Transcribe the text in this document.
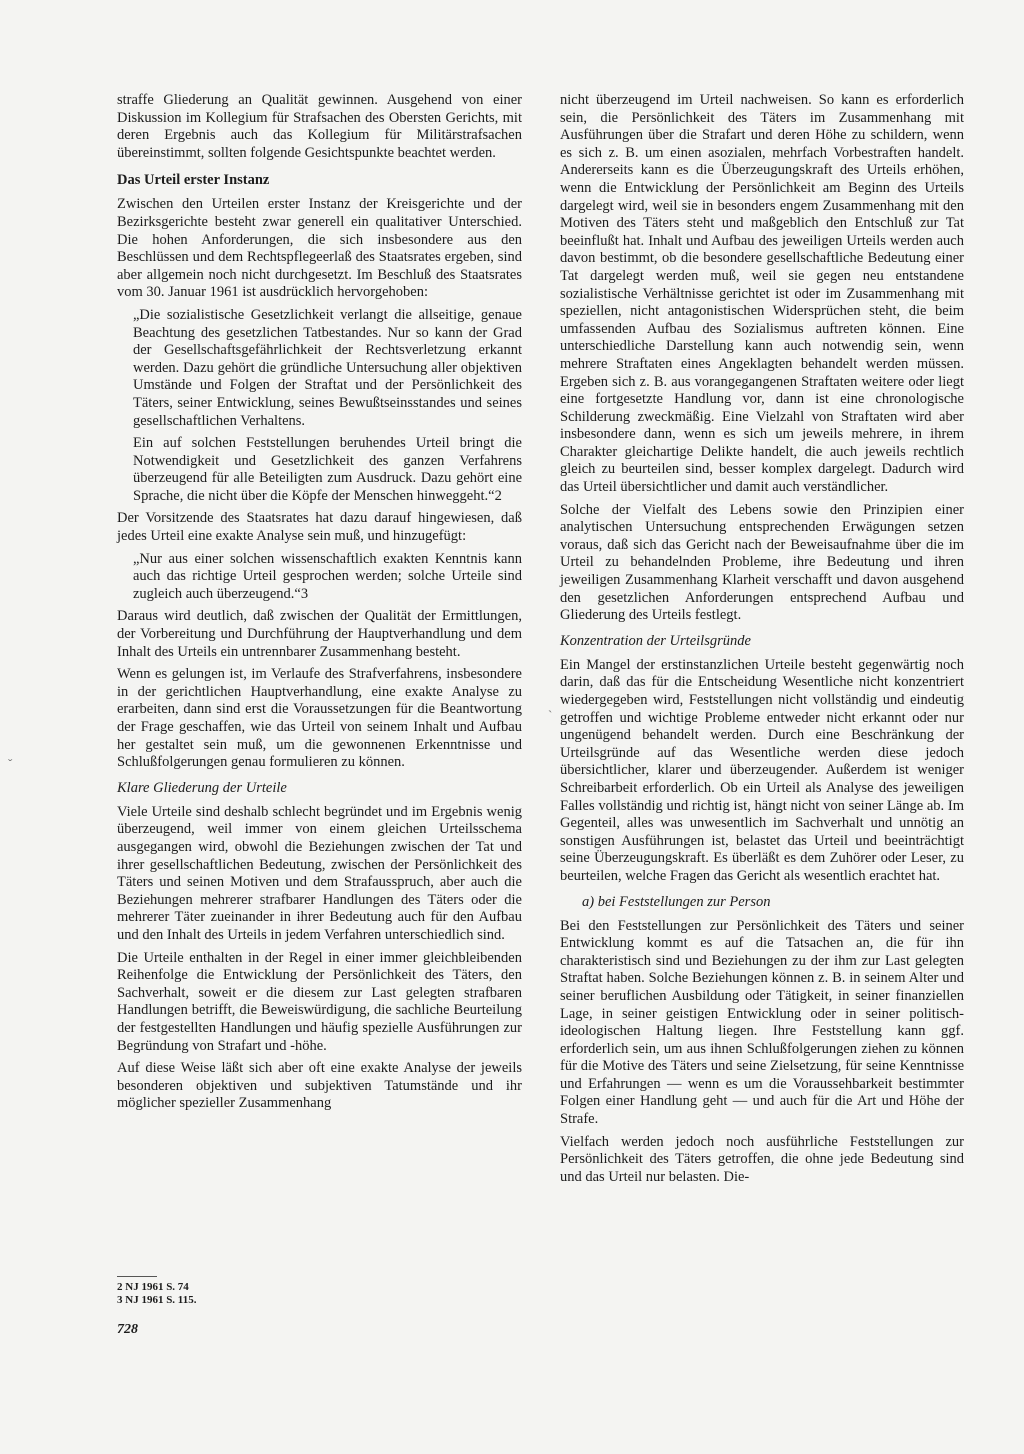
straffe Gliederung an Qualität gewinnen. Ausgehend von einer Diskussion im Kollegium für Strafsachen des Obersten Gerichts, mit deren Ergebnis auch das Kollegium für Militärstrafsachen übereinstimmt, sollten folgende Gesichtspunkte beachtet werden.

Das Urteil erster Instanz

Zwischen den Urteilen erster Instanz der Kreisgerichte und der Bezirksgerichte besteht zwar generell ein qualitativer Unterschied. Die hohen Anforderungen, die sich insbesondere aus den Beschlüssen und dem Rechtspflegeerlaß des Staatsrates ergeben, sind aber allgemein noch nicht durchgesetzt. Im Beschluß des Staatsrates vom 30. Januar 1961 ist ausdrücklich hervorgehoben:

„Die sozialistische Gesetzlichkeit verlangt die allseitige, genaue Beachtung des gesetzlichen Tatbestandes. Nur so kann der Grad der Gesellschaftsgefährlichkeit der Rechtsverletzung erkannt werden. Dazu gehört die gründliche Untersuchung aller objektiven Umstände und Folgen der Straftat und der Persönlichkeit des Täters, seiner Entwicklung, seines Bewußtseinsstandes und seines gesellschaftlichen Verhaltens.

Ein auf solchen Feststellungen beruhendes Urteil bringt die Notwendigkeit und Gesetzlichkeit des ganzen Verfahrens überzeugend für alle Beteiligten zum Ausdruck. Dazu gehört eine Sprache, die nicht über die Köpfe der Menschen hinweggeht.“2

Der Vorsitzende des Staatsrates hat dazu darauf hingewiesen, daß jedes Urteil eine exakte Analyse sein muß, und hinzugefügt:

„Nur aus einer solchen wissenschaftlich exakten Kenntnis kann auch das richtige Urteil gesprochen werden; solche Urteile sind zugleich auch überzeugend.“3

Daraus wird deutlich, daß zwischen der Qualität der Ermittlungen, der Vorbereitung und Durchführung der Hauptverhandlung und dem Inhalt des Urteils ein untrennbarer Zusammenhang besteht.

Wenn es gelungen ist, im Verlaufe des Strafverfahrens, insbesondere in der gerichtlichen Hauptverhandlung, eine exakte Analyse zu erarbeiten, dann sind erst die Voraussetzungen für die Beantwortung der Frage geschaffen, wie das Urteil von seinem Inhalt und Aufbau her gestaltet sein muß, um die gewonnenen Erkenntnisse und Schlußfolgerungen genau formulieren zu können.

Klare Gliederung der Urteile

Viele Urteile sind deshalb schlecht begründet und im Ergebnis wenig überzeugend, weil immer von einem gleichen Urteilsschema ausgegangen wird, obwohl die Beziehungen zwischen der Tat und ihrer gesellschaftlichen Bedeutung, zwischen der Persönlichkeit des Täters und seinen Motiven und dem Strafausspruch, aber auch die Beziehungen mehrerer strafbarer Handlungen des Täters oder die mehrerer Täter zueinander in ihrer Bedeutung auch für den Aufbau und den Inhalt des Urteils in jedem Verfahren unterschiedlich sind.

Die Urteile enthalten in der Regel in einer immer gleichbleibenden Reihenfolge die Entwicklung der Persönlichkeit des Täters, den Sachverhalt, soweit er die diesem zur Last gelegten strafbaren Handlungen betrifft, die Beweiswürdigung, die sachliche Beurteilung der festgestellten Handlungen und häufig spezielle Ausführungen zur Begründung von Strafart und -höhe.

Auf diese Weise läßt sich aber oft eine exakte Analyse der jeweils besonderen objektiven und subjektiven Tatumstände und ihr möglicher spezieller Zusammenhang

nicht überzeugend im Urteil nachweisen. So kann es erforderlich sein, die Persönlichkeit des Täters im Zusammenhang mit Ausführungen über die Strafart und deren Höhe zu schildern, wenn es sich z. B. um einen asozialen, mehrfach Vorbestraften handelt. Andererseits kann es die Überzeugungskraft des Urteils erhöhen, wenn die Entwicklung der Persönlichkeit am Beginn des Urteils dargelegt wird, weil sie in besonders engem Zusammenhang mit den Motiven des Täters steht und maßgeblich den Entschluß zur Tat beeinflußt hat. Inhalt und Aufbau des jeweiligen Urteils werden auch davon bestimmt, ob die besondere gesellschaftliche Bedeutung einer Tat dargelegt werden muß, weil sie gegen neu entstandene sozialistische Verhältnisse gerichtet ist oder im Zusammenhang mit speziellen, nicht antagonistischen Widersprüchen steht, die beim umfassenden Aufbau des Sozialismus auftreten können. Eine unterschiedliche Darstellung kann auch notwendig sein, wenn mehrere Straftaten eines Angeklagten behandelt werden müssen. Ergeben sich z. B. aus vorangegangenen Straftaten weitere oder liegt eine fortgesetzte Handlung vor, dann ist eine chronologische Schilderung zweckmäßig. Eine Vielzahl von Straftaten wird aber insbesondere dann, wenn es sich um jeweils mehrere, in ihrem Charakter gleichartige Delikte handelt, die auch jeweils rechtlich gleich zu beurteilen sind, besser komplex dargelegt. Dadurch wird das Urteil übersichtlicher und damit auch verständlicher.

Solche der Vielfalt des Lebens sowie den Prinzipien einer analytischen Untersuchung entsprechenden Erwägungen setzen voraus, daß sich das Gericht nach der Beweisaufnahme über die im Urteil zu behandelnden Probleme, ihre Bedeutung und ihren jeweiligen Zusammenhang Klarheit verschafft und davon ausgehend den gesetzlichen Anforderungen entsprechend Aufbau und Gliederung des Urteils festlegt.

Konzentration der Urteilsgründe

Ein Mangel der erstinstanzlichen Urteile besteht gegenwärtig noch darin, daß das für die Entscheidung Wesentliche nicht konzentriert wiedergegeben wird, Feststellungen nicht vollständig und eindeutig getroffen und wichtige Probleme entweder nicht erkannt oder nur ungenügend behandelt werden. Durch eine Beschränkung der Urteilsgründe auf das Wesentliche werden diese jedoch übersichtlicher, klarer und überzeugender. Außerdem ist weniger Schreibarbeit erforderlich. Ob ein Urteil als Analyse des jeweiligen Falles vollständig und richtig ist, hängt nicht von seiner Länge ab. Im Gegenteil, alles was unwesentlich im Sachverhalt und unnötig an sonstigen Ausführungen ist, belastet das Urteil und beeinträchtigt seine Überzeugungskraft. Es überläßt es dem Zuhörer oder Leser, zu beurteilen, welche Fragen das Gericht als wesentlich erachtet hat.

a) bei Feststellungen zur Person

Bei den Feststellungen zur Persönlichkeit des Täters und seiner Entwicklung kommt es auf die Tatsachen an, die für ihn charakteristisch sind und Beziehungen zu der ihm zur Last gelegten Straftat haben. Solche Beziehungen können z. B. in seinem Alter und seiner beruflichen Ausbildung oder Tätigkeit, in seiner finanziellen Lage, in seiner geistigen Entwicklung oder in seiner politisch-ideologischen Haltung liegen. Ihre Feststellung kann ggf. erforderlich sein, um aus ihnen Schlußfolgerungen ziehen zu können für die Motive des Täters und seine Zielsetzung, für seine Kenntnisse und Erfahrungen — wenn es um die Voraussehbarkeit bestimmter Folgen einer Handlung geht — und auch für die Art und Höhe der Strafe.

Vielfach werden jedoch noch ausführliche Feststellungen zur Persönlichkeit des Täters getroffen, die ohne jede Bedeutung sind und das Urteil nur belasten. Die-

2 NJ 1961 S. 74

3 NJ 1961 S. 115.

728
ˏ
ˇ
